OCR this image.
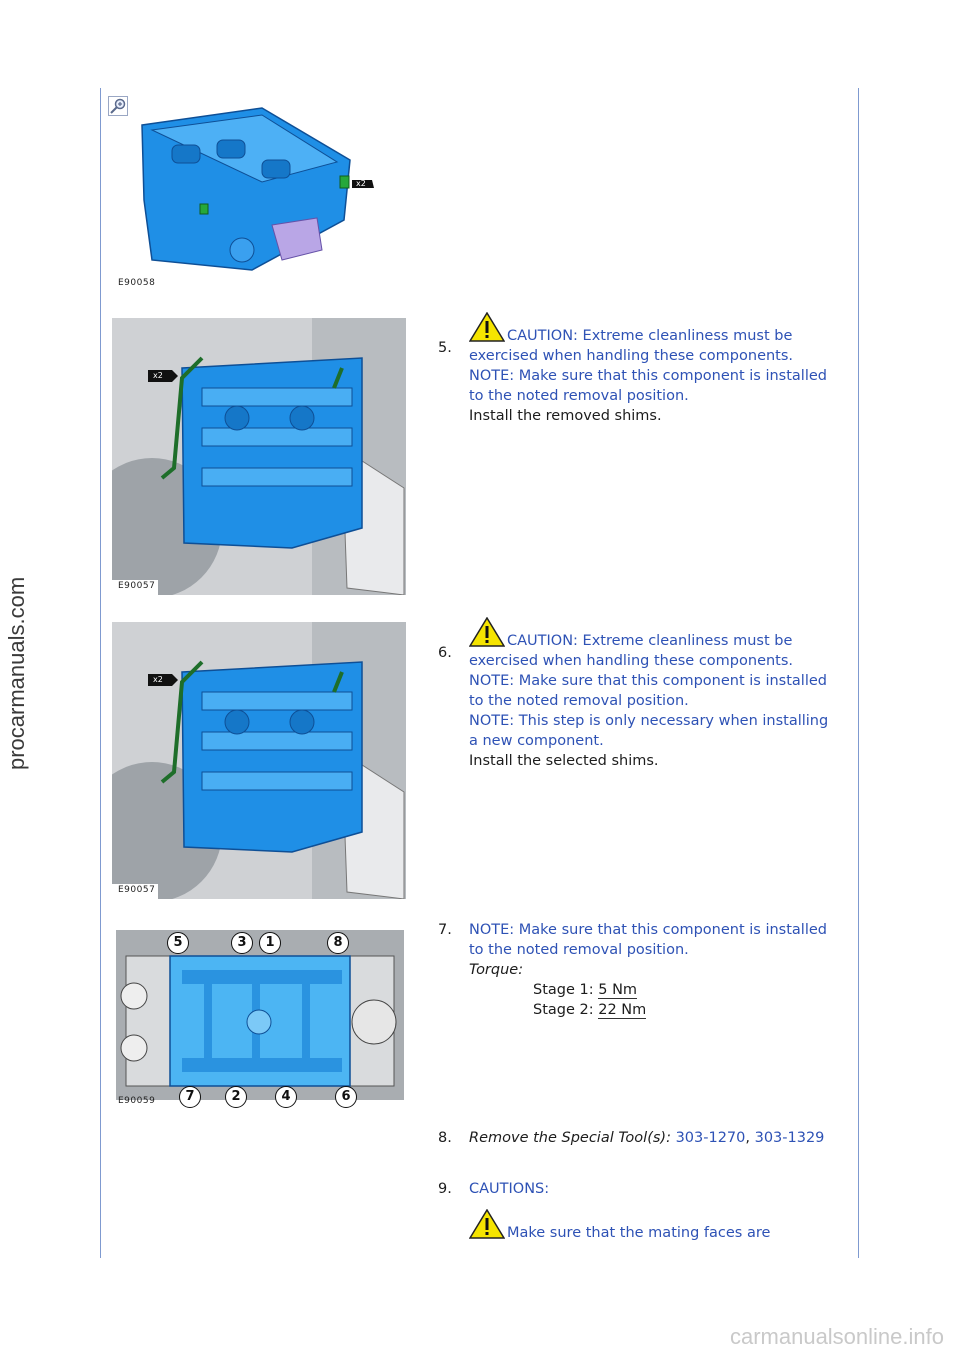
procarmanuals.com
carmanualsonline.info
x2
E90058
x2
E90057
5.
CAUTION: Extreme cleanliness must be exercised when handling these components.
NOTE: Make sure that this component is installed to the noted removal position.
Install the removed shims.
x2
E90057
6.
CAUTION: Extreme cleanliness must be exercised when handling these components.
NOTE: Make sure that this component is installed to the noted removal position.
NOTE: This step is only necessary when installing a new component.
Install the selected shims.
5	3	1	8
7	2	4	6
E90059
7. NOTE: Make sure that this component is installed to the noted removal position.
Torque:
Stage 1: 5 Nm
Stage 2: 22 Nm
8. Remove the Special Tool(s): 303-1270, 303-1329
9. CAUTIONS:
Make sure that the mating faces are
